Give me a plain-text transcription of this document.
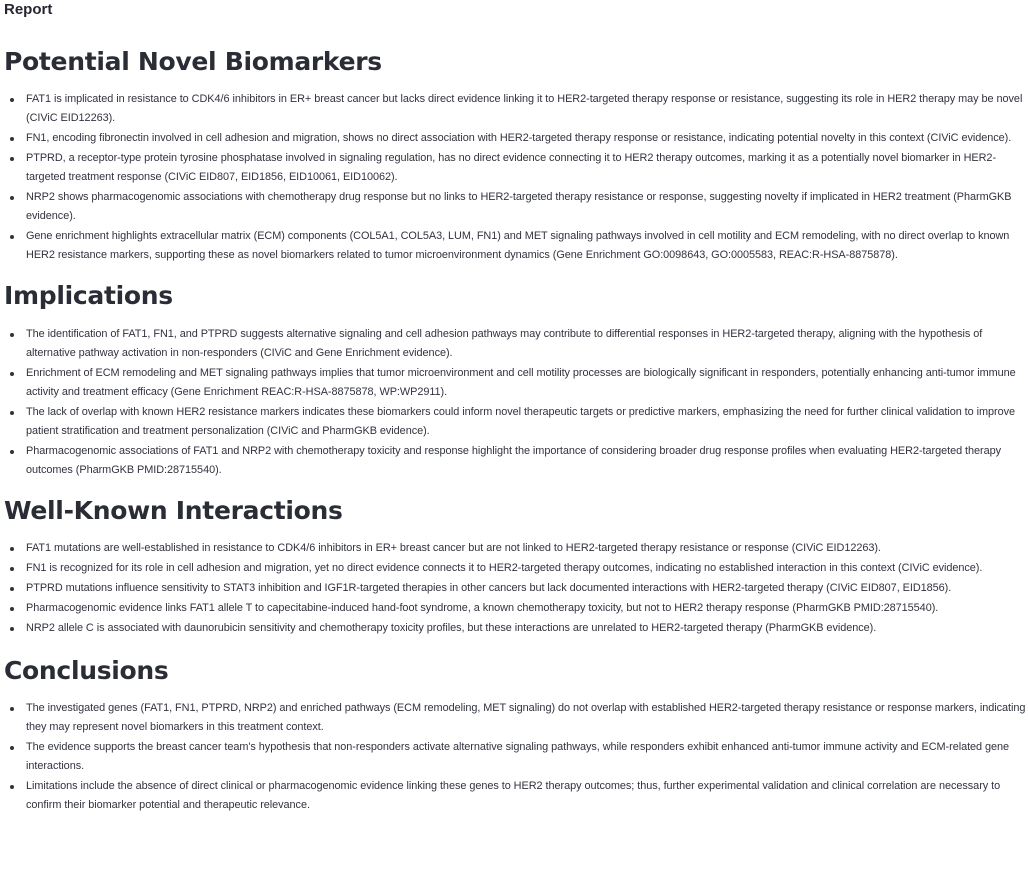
Report

Potential Novel Biomarkers
FAT1 is implicated in resistance to CDK4/6 inhibitors in ER+ breast cancer but lacks direct evidence linking it to HER2-targeted therapy response or resistance, suggesting its role in HER2 therapy may be novel (CIViC EID12263).
FN1, encoding fibronectin involved in cell adhesion and migration, shows no direct association with HER2-targeted therapy response or resistance, indicating potential novelty in this context (CIViC evidence).
PTPRD, a receptor-type protein tyrosine phosphatase involved in signaling regulation, has no direct evidence connecting it to HER2 therapy outcomes, marking it as a potentially novel biomarker in HER2-targeted treatment response (CIViC EID807, EID1856, EID10061, EID10062).
NRP2 shows pharmacogenomic associations with chemotherapy drug response but no links to HER2-targeted therapy resistance or response, suggesting novelty if implicated in HER2 treatment (PharmGKB evidence).
Gene enrichment highlights extracellular matrix (ECM) components (COL5A1, COL5A3, LUM, FN1) and MET signaling pathways involved in cell motility and ECM remodeling, with no direct overlap to known HER2 resistance markers, supporting these as novel biomarkers related to tumor microenvironment dynamics (Gene Enrichment GO:0098643, GO:0005583, REAC:R-HSA-8875878).
Implications
The identification of FAT1, FN1, and PTPRD suggests alternative signaling and cell adhesion pathways may contribute to differential responses in HER2-targeted therapy, aligning with the hypothesis of alternative pathway activation in non-responders (CIViC and Gene Enrichment evidence).
Enrichment of ECM remodeling and MET signaling pathways implies that tumor microenvironment and cell motility processes are biologically significant in responders, potentially enhancing anti-tumor immune activity and treatment efficacy (Gene Enrichment REAC:R-HSA-8875878, WP:WP2911).
The lack of overlap with known HER2 resistance markers indicates these biomarkers could inform novel therapeutic targets or predictive markers, emphasizing the need for further clinical validation to improve patient stratification and treatment personalization (CIViC and PharmGKB evidence).
Pharmacogenomic associations of FAT1 and NRP2 with chemotherapy toxicity and response highlight the importance of considering broader drug response profiles when evaluating HER2-targeted therapy outcomes (PharmGKB PMID:28715540).
Well-Known Interactions
FAT1 mutations are well-established in resistance to CDK4/6 inhibitors in ER+ breast cancer but are not linked to HER2-targeted therapy resistance or response (CIViC EID12263).
FN1 is recognized for its role in cell adhesion and migration, yet no direct evidence connects it to HER2-targeted therapy outcomes, indicating no established interaction in this context (CIViC evidence).
PTPRD mutations influence sensitivity to STAT3 inhibition and IGF1R-targeted therapies in other cancers but lack documented interactions with HER2-targeted therapy (CIViC EID807, EID1856).
Pharmacogenomic evidence links FAT1 allele T to capecitabine-induced hand-foot syndrome, a known chemotherapy toxicity, but not to HER2 therapy response (PharmGKB PMID:28715540).
NRP2 allele C is associated with daunorubicin sensitivity and chemotherapy toxicity profiles, but these interactions are unrelated to HER2-targeted therapy (PharmGKB evidence).
Conclusions
The investigated genes (FAT1, FN1, PTPRD, NRP2) and enriched pathways (ECM remodeling, MET signaling) do not overlap with established HER2-targeted therapy resistance or response markers, indicating they may represent novel biomarkers in this treatment context.
The evidence supports the breast cancer team's hypothesis that non-responders activate alternative signaling pathways, while responders exhibit enhanced anti-tumor immune activity and ECM-related gene interactions.
Limitations include the absence of direct clinical or pharmacogenomic evidence linking these genes to HER2 therapy outcomes; thus, further experimental validation and clinical correlation are necessary to confirm their biomarker potential and therapeutic relevance.
